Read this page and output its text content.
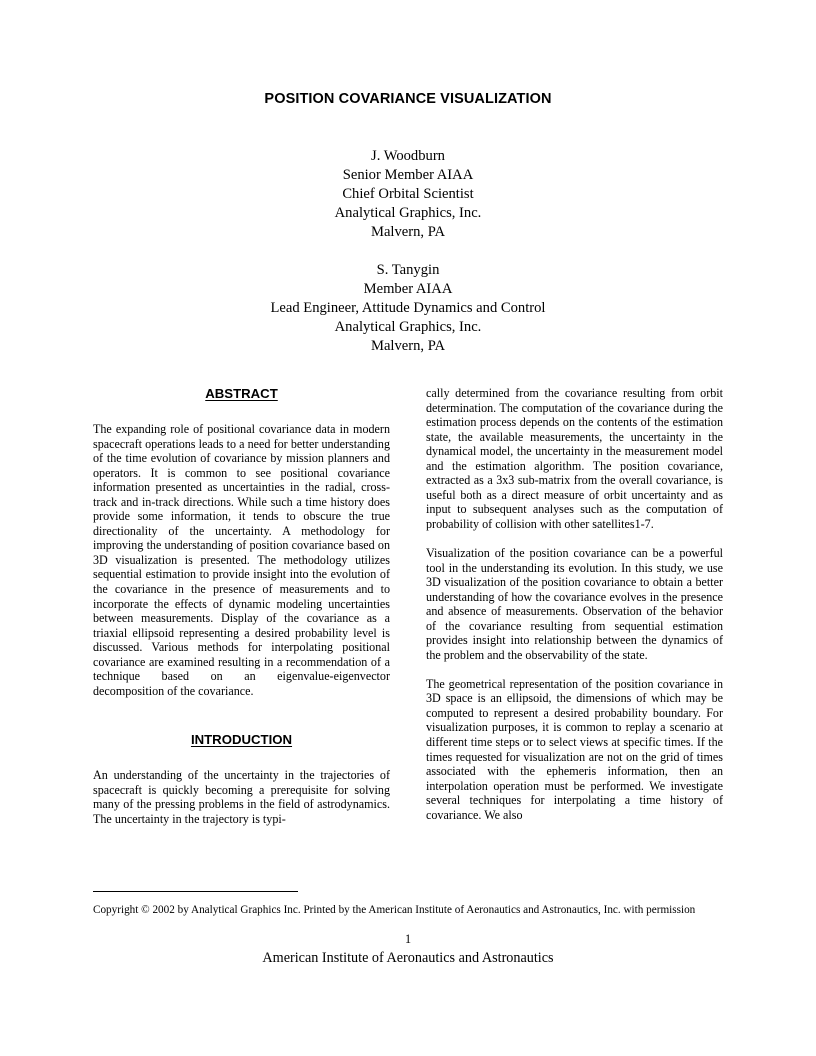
POSITION COVARIANCE VISUALIZATION
J. Woodburn
Senior Member AIAA
Chief Orbital Scientist
Analytical Graphics, Inc.
Malvern, PA
S. Tanygin
Member AIAA
Lead Engineer, Attitude Dynamics and Control
Analytical Graphics, Inc.
Malvern, PA
ABSTRACT

The expanding role of positional covariance data in modern spacecraft operations leads to a need for better understanding of the time evolution of covariance by mission planners and operators. It is common to see positional covariance information presented as uncertainties in the radial, cross-track and in-track directions. While such a time history does provide some information, it tends to obscure the true directionality of the uncertainty. A methodology for improving the understanding of position covariance based on 3D visualization is presented. The methodology utilizes sequential estimation to provide insight into the evolution of the covariance in the presence of measurements and to incorporate the effects of dynamic modeling uncertainties between measurements. Display of the covariance as a triaxial ellipsoid representing a desired probability level is discussed. Various methods for interpolating positional covariance are examined resulting in a recommendation of a technique based on an eigenvalue-eigenvector decomposition of the covariance.

INTRODUCTION

An understanding of the uncertainty in the trajectories of spacecraft is quickly becoming a prerequisite for solving many of the pressing problems in the field of astrodynamics. The uncertainty in the trajectory is typi-

cally determined from the covariance resulting from orbit determination. The computation of the covariance during the estimation process depends on the contents of the estimation state, the available measurements, the uncertainty in the dynamical model, the uncertainty in the measurement model and the estimation algorithm. The position covariance, extracted as a 3x3 sub-matrix from the overall covariance, is useful both as a direct measure of orbit uncertainty and as input to subsequent analyses such as the computation of probability of collision with other satellites1-7.

Visualization of the position covariance can be a powerful tool in the understanding its evolution. In this study, we use 3D visualization of the position covariance to obtain a better understanding of how the covariance evolves in the presence and absence of measurements. Observation of the behavior of the covariance resulting from sequential estimation provides insight into relationship between the dynamics of the problem and the observability of the state.

The geometrical representation of the position covariance in 3D space is an ellipsoid, the dimensions of which may be computed to represent a desired probability boundary. For visualization purposes, it is common to replay a scenario at different time steps or to select views at specific times. If the times requested for visualization are not on the grid of times associated with the ephemeris information, then an interpolation operation must be performed. We investigate several techniques for interpolating a time history of covariance. We also

Copyright © 2002 by Analytical Graphics Inc. Printed by the American Institute of Aeronautics and Astronautics, Inc. with permission
1
American Institute of Aeronautics and Astronautics
